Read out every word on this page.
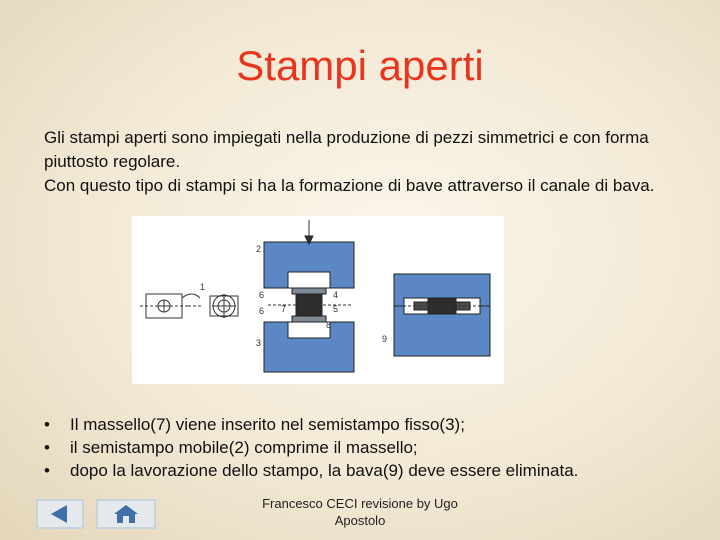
Stampi aperti

Gli stampi aperti sono impiegati nella produzione di pezzi simmetrici e con forma piuttosto regolare.

Con questo tipo di stampi si ha la formazione di bave attraverso il canale di bava.

1
2
3
4
5
6
6 7
8
9
• Il massello(7) viene inserito nel semistampo fisso(3);
• il semistampo mobile(2) comprime il massello;
• dopo la lavorazione dello stampo, la bava(9) deve essere eliminata.
Francesco CECI revisione by Ugo Apostolo
